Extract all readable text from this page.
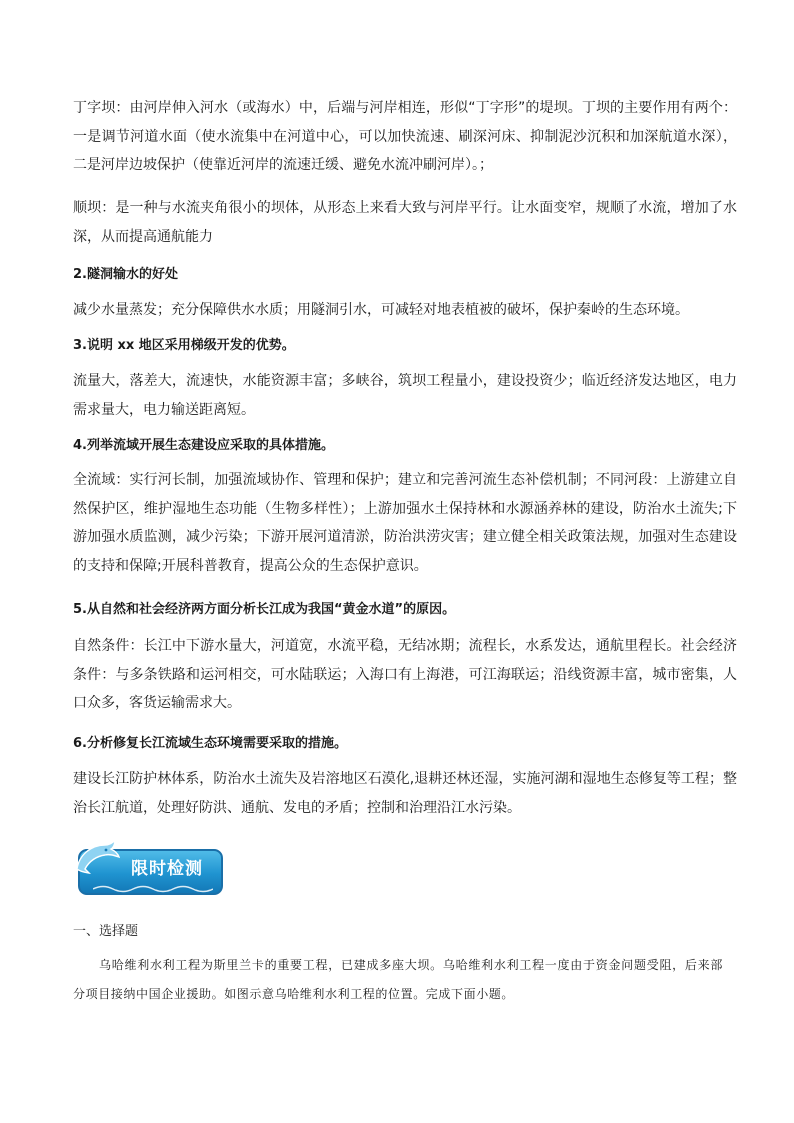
丁字坝：由河岸伸入河水（或海水）中，后端与河岸相连，形似“丁字形”的堤坝。丁坝的主要作用有两个：一是调节河道水面（使水流集中在河道中心，可以加快流速、刷深河床、抑制泥沙沉积和加深航道水深），二是河岸边坡保护（使靠近河岸的流速迁缓、避免水流冲刷河岸）。；

顺坝：是一种与水流夹角很小的坝体，从形态上来看大致与河岸平行。让水面变窄，规顺了水流，增加了水深，从而提高通航能力

2.隧洞输水的好处

减少水量蒸发；充分保障供水水质；用隧洞引水，可减轻对地表植被的破坏，保护秦岭的生态环境。

3.说明 xx 地区采用梯级开发的优势。

流量大，落差大，流速快，水能资源丰富；多峡谷，筑坝工程量小，建设投资少；临近经济发达地区，电力需求量大，电力输送距离短。

4.列举流域开展生态建设应采取的具体措施。

全流域：实行河长制，加强流域协作、管理和保护；建立和完善河流生态补偿机制；不同河段：上游建立自然保护区，维护湿地生态功能（生物多样性）；上游加强水土保持林和水源涵养林的建设，防治水土流失;下游加强水质监测，减少污染；下游开展河道清淤，防治洪涝灾害；建立健全相关政策法规，加强对生态建设的支持和保障;开展科普教育，提高公众的生态保护意识。

5.从自然和社会经济两方面分析长江成为我国“黄金水道”的原因。

自然条件：长江中下游水量大，河道宽，水流平稳，无结冰期；流程长，水系发达，通航里程长。社会经济条件：与多条铁路和运河相交，可水陆联运；入海口有上海港，可江海联运；沿线资源丰富，城市密集，人口众多，客货运输需求大。

6.分析修复长江流域生态环境需要采取的措施。

建设长江防护林体系，防治水土流失及岩溶地区石漠化,退耕还林还湿，实施河湖和湿地生态修复等工程；整治长江航道，处理好防洪、通航、发电的矛盾；控制和治理沿江水污染。

限时检测

一、选择题

乌哈维利水利工程为斯里兰卡的重要工程，已建成多座大坝。乌哈维利水利工程一度由于资金问题受阻，后来部分项目接纳中国企业援助。如图示意乌哈维利水利工程的位置。完成下面小题。
